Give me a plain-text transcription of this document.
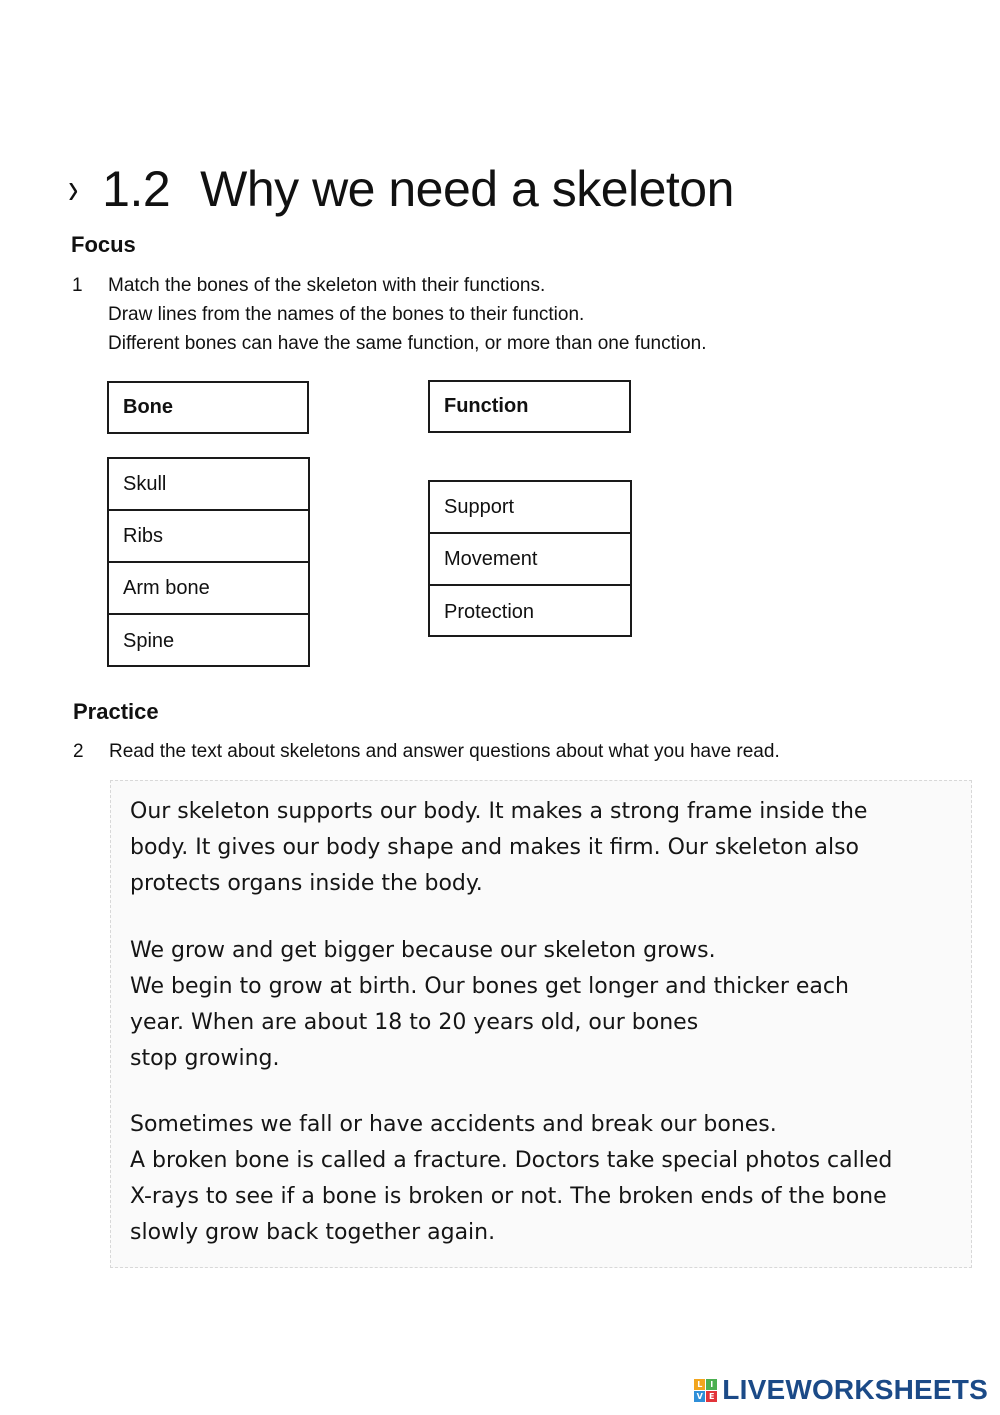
› 1.2 Why we need a skeleton
Focus
1 Match the bones of the skeleton with their functions.
Draw lines from the names of the bones to their function.
Different bones can have the same function, or more than one function.
Bone	Function
Skull
Ribs
Arm bone
Spine
Support
Movement
Protection
Practice
2 Read the text about skeletons and answer questions about what you have read.

Our skeleton supports our body. It makes a strong frame inside the
body. It gives our body shape and makes it firm. Our skeleton also
protects organs inside the body.

We grow and get bigger because our skeleton grows.
We begin to grow at birth. Our bones get longer and thicker each
year. When are about 18 to 20 years old, our bones
stop growing.

Sometimes we fall or have accidents and break our bones.
A broken bone is called a fracture. Doctors take special photos called
X-rays to see if a bone is broken or not. The broken ends of the bone
slowly grow back together again.

L I
V E LIVEWORKSHEETS
